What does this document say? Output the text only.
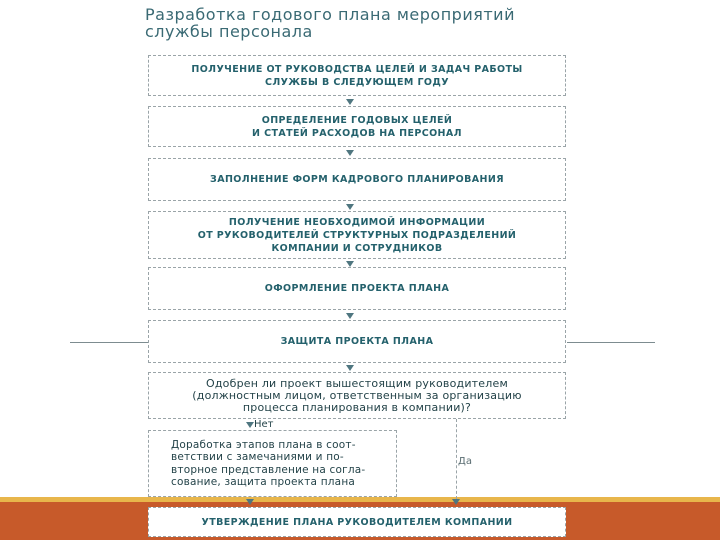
Разработка годового плана мероприятий
службы персонала
ПОЛУЧЕНИЕ ОТ РУКОВОДСТВА ЦЕЛЕЙ И ЗАДАЧ РАБОТЫ
СЛУЖБЫ В СЛЕДУЮЩЕМ ГОДУ
ОПРЕДЕЛЕНИЕ ГОДОВЫХ ЦЕЛЕЙ
И СТАТЕЙ РАСХОДОВ НА ПЕРСОНАЛ
ЗАПОЛНЕНИЕ ФОРМ КАДРОВОГО ПЛАНИРОВАНИЯ
ПОЛУЧЕНИЕ НЕОБХОДИМОЙ ИНФОРМАЦИИ
ОТ РУКОВОДИТЕЛЕЙ СТРУКТУРНЫХ ПОДРАЗДЕЛЕНИЙ
КОМПАНИИ И СОТРУДНИКОВ
ОФОРМЛЕНИЕ ПРОЕКТА ПЛАНА
ЗАЩИТА ПРОЕКТА ПЛАНА
Одобрен ли проект вышестоящим руководителем
(должностным лицом, ответственным за организацию
процесса планирования в компании)?
Нет
Да
Доработка этапов плана в соот-
ветствии с замечаниями и по-
вторное представление на согла-
сование, защита проекта плана
УТВЕРЖДЕНИЕ ПЛАНА РУКОВОДИТЕЛЕМ КОМПАНИИ
